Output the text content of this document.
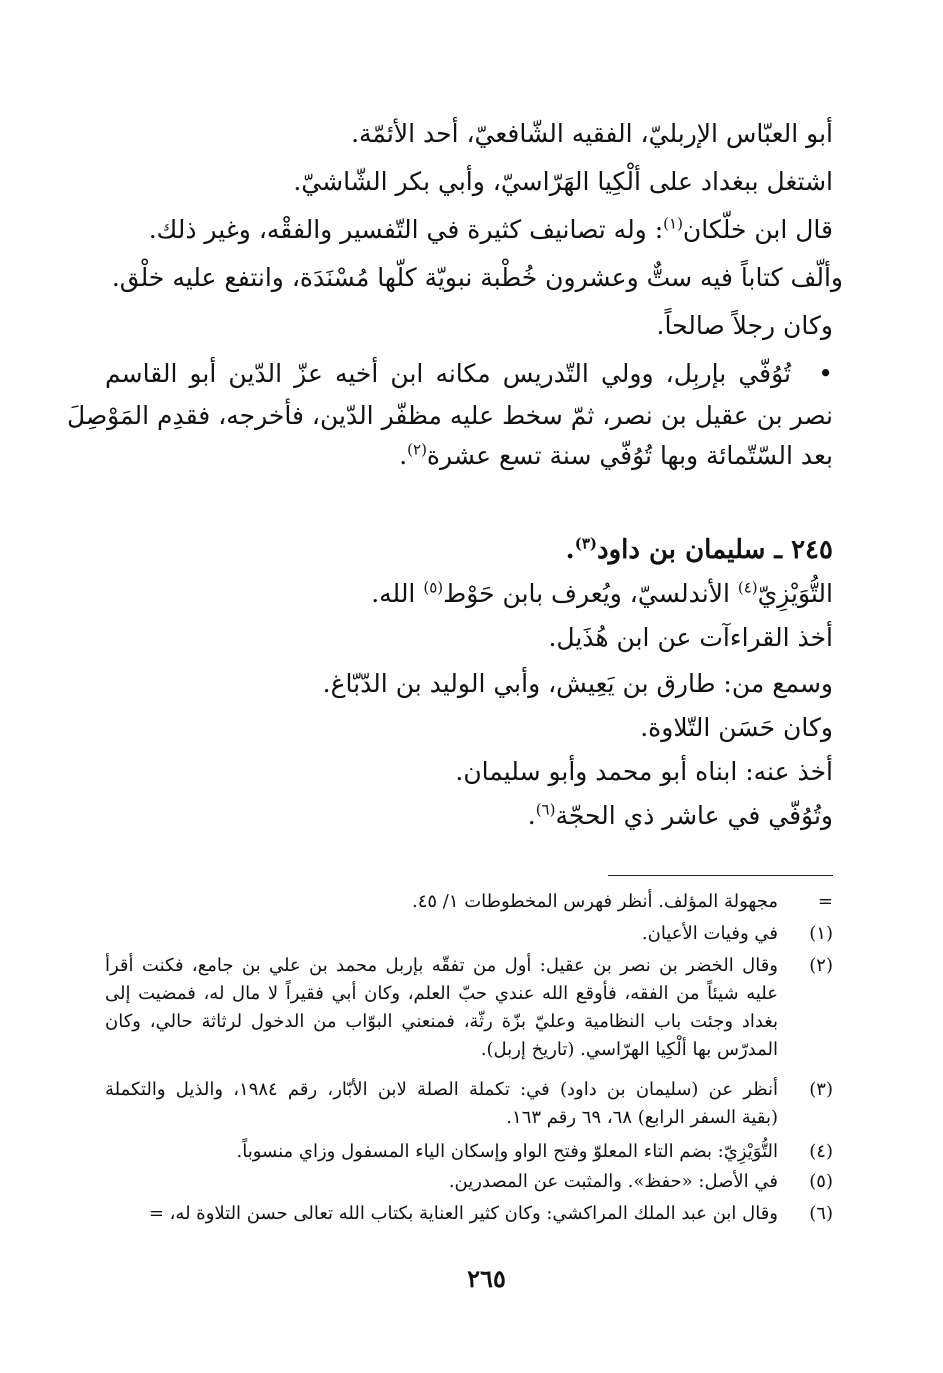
أبو العبّاس الإربليّ، الفقيه الشّافعيّ، أحد الأئمّة.
اشتغل ببغداد على ألْكِيا الهَرّاسيّ، وأبي بكر الشّاشيّ.
قال ابن خلّكان$^{(١)}$: وله تصانيف كثيرة في التّفسير والفقْه، وغير ذلك.
وألّف كتاباً فيه ستٌّ وعشرون خُطْبة نبويّة كلّها مُسْنَدَة، وانتفع عليه خلْق.
وكان رجلاً صالحاً.
•
تُوُفّي بإربِل، وولي التّدريس مكانه ابن أخيه عزّ الدّين أبو القاسم
نصر بن عقيل بن نصر، ثمّ سخط عليه مظفّر الدّين، فأخرجه، فقدِم المَوْصِلَ
بعد السّتّمائة وبها تُوُفّي سنة تسع عشرة$^{(٢)}$.
٢٤٥ ـ سليمان بن داود$^{(٣)}$.
التُّوَيْزِيّ$^{(٤)}$ الأندلسيّ، ويُعرف بابن حَوْط$^{(٥)}$ الله.
أخذ القراءآت عن ابن هُذَيل.
وسمع من: طارق بن يَعِيش، وأبي الوليد بن الدّبّاغ.
وكان حَسَن التّلاوة.
أخذ عنه: ابناه أبو محمد وأبو سليمان.
وتُوُفّي في عاشر ذي الحجّة$^{(٦)}$.
=
مجهولة المؤلف. أنظر فهرس المخطوطات ١/ ٤٥.
(١)
في وفيات الأعيان.
(٢)
وقال الخضر بن نصر بن عقيل: أول من تفقّه بإربل محمد بن علي بن جامع، فكنت أقرأ
عليه شيئاً من الفقه، فأوقع الله عندي حبّ العلم، وكان أبي فقيراً لا مال له، فمضيت إلى
بغداد وجئت باب النظامية وعليّ بزّة رثّة، فمنعني البوّاب من الدخول لرثاثة حالي، وكان
المدرّس بها ألْكِيا الهرّاسي. (تاريخ إربل).
(٣)
أنظر عن (سليمان بن داود) في: تكملة الصلة لابن الأبّار، رقم ١٩٨٤، والذيل والتكملة
(بقية السفر الرابع) ٦٨، ٦٩ رقم ١٦٣.
(٤)
التُّوَيْزِيّ: بضم التاء المعلوّ وفتح الواو وإسكان الياء المسفول وزاي منسوباً.
(٥)
في الأصل: «حفظ». والمثبت عن المصدرين.
(٦)
وقال ابن عبد الملك المراكشي: وكان كثير العناية بكتاب الله تعالى حسن التلاوة له، =
٢٦٥
